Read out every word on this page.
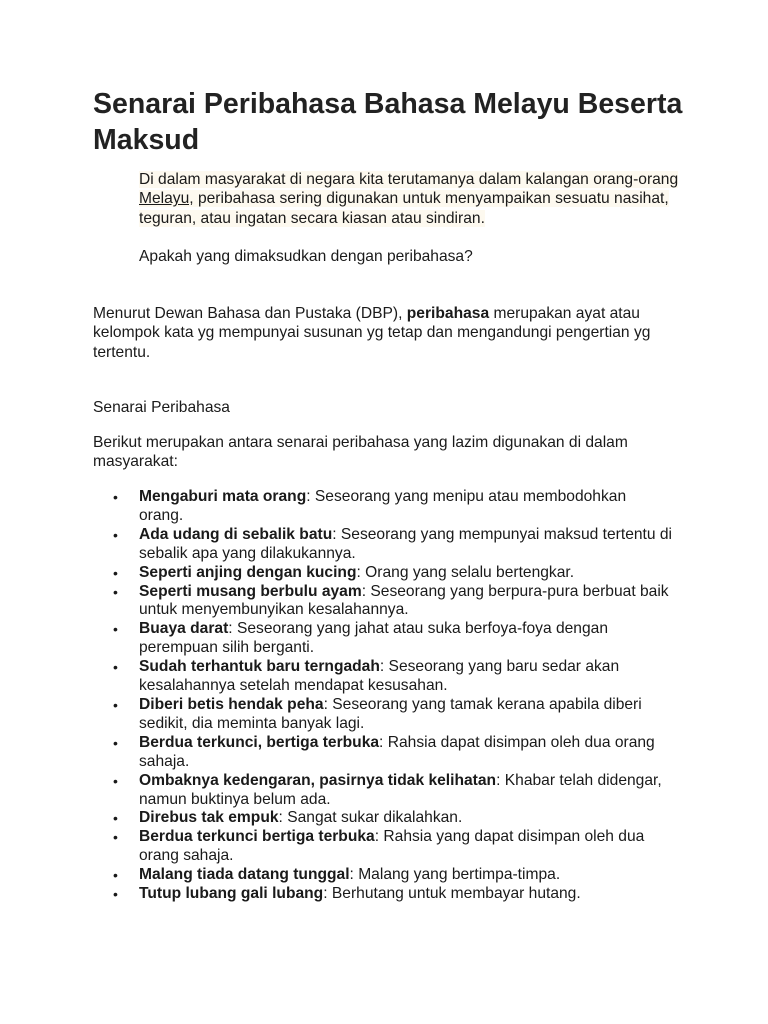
Senarai Peribahasa Bahasa Melayu Beserta Maksud

Di dalam masyarakat di negara kita terutamanya dalam kalangan orang-orang Melayu, peribahasa sering digunakan untuk menyampaikan sesuatu nasihat, teguran, atau ingatan secara kiasan atau sindiran.

Apakah yang dimaksudkan dengan peribahasa?

Menurut Dewan Bahasa dan Pustaka (DBP), peribahasa merupakan ayat atau kelompok kata yg mempunyai susunan yg tetap dan mengandungi pengertian yg tertentu.

Senarai Peribahasa

Berikut merupakan antara senarai peribahasa yang lazim digunakan di dalam masyarakat:

• Mengaburi mata orang: Seseorang yang menipu atau membodohkan orang.
• Ada udang di sebalik batu: Seseorang yang mempunyai maksud tertentu di sebalik apa yang dilakukannya.
• Seperti anjing dengan kucing: Orang yang selalu bertengkar.
• Seperti musang berbulu ayam: Seseorang yang berpura-pura berbuat baik untuk menyembunyikan kesalahannya.
• Buaya darat: Seseorang yang jahat atau suka berfoya-foya dengan perempuan silih berganti.
• Sudah terhantuk baru terngadah: Seseorang yang baru sedar akan kesalahannya setelah mendapat kesusahan.
• Diberi betis hendak peha: Seseorang yang tamak kerana apabila diberi sedikit, dia meminta banyak lagi.
• Berdua terkunci, bertiga terbuka: Rahsia dapat disimpan oleh dua orang sahaja.
• Ombaknya kedengaran, pasirnya tidak kelihatan: Khabar telah didengar, namun buktinya belum ada.
• Direbus tak empuk: Sangat sukar dikalahkan.
• Berdua terkunci bertiga terbuka: Rahsia yang dapat disimpan oleh dua orang sahaja.
• Malang tiada datang tunggal: Malang yang bertimpa-timpa.
• Tutup lubang gali lubang: Berhutang untuk membayar hutang.
